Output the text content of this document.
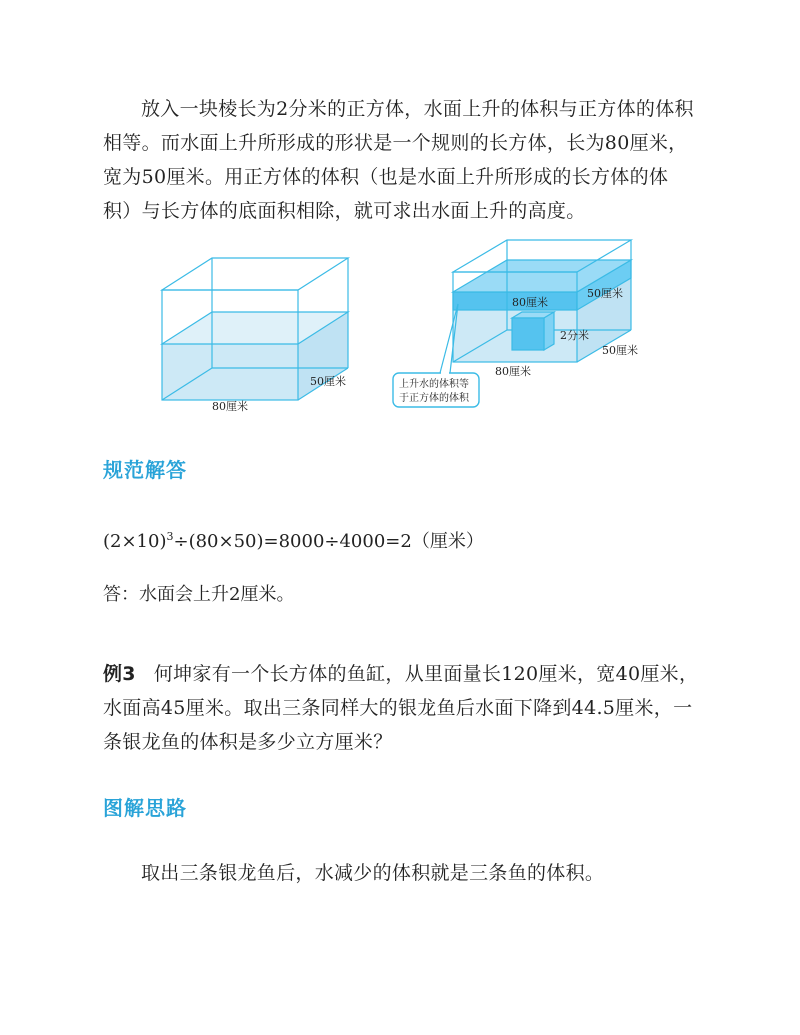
放入一块棱长为2分米的正方体，水面上升的体积与正方体的体积
相等。而水面上升所形成的形状是一个规则的长方体，长为80厘米，
宽为50厘米。用正方体的体积（也是水面上升所形成的长方体的体
积）与长方体的底面积相除，就可求出水面上升的高度。

50厘米
80厘米
80厘米
50厘米
2分米
50厘米
80厘米
上升水的体积等
于正方体的体积
规范解答

$(2\times 10)^3\div(80\times 50)=8000\div 4000=2$（厘米）

答：水面会上升2厘米。

例3 何坤家有一个长方体的鱼缸，从里面量长120厘米，宽40厘米，
水面高45厘米。取出三条同样大的银龙鱼后水面下降到44.5厘米，一
条银龙鱼的体积是多少立方厘米？

图解思路

取出三条银龙鱼后，水减少的体积就是三条鱼的体积。
